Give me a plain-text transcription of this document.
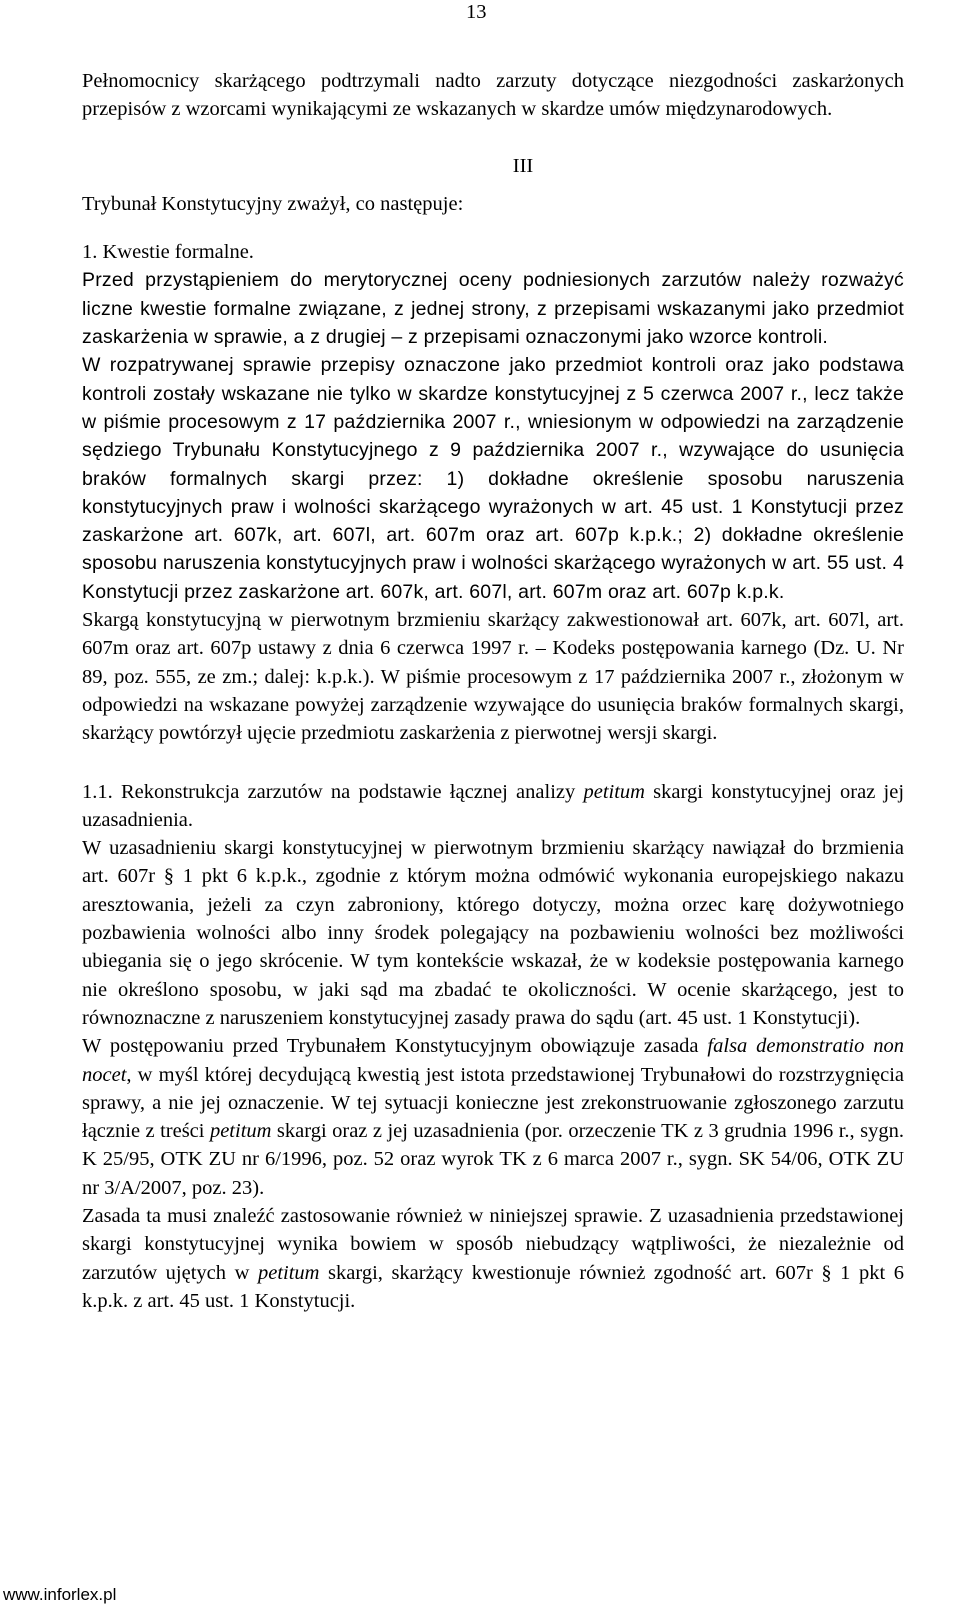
13

Pełnomocnicy skarżącego podtrzymali nadto zarzuty dotyczące niezgodności zaskarżonych przepisów z wzorcami wynikającymi ze wskazanych w skardze umów międzynarodowych.

III

Trybunał Konstytucyjny zważył, co następuje:

1. Kwestie formalne.

Przed przystąpieniem do merytorycznej oceny podniesionych zarzutów należy rozważyć liczne kwestie formalne związane, z jednej strony, z przepisami wskazanymi jako przedmiot zaskarżenia w sprawie, a z drugiej – z przepisami oznaczonymi jako wzorce kontroli.

W rozpatrywanej sprawie przepisy oznaczone jako przedmiot kontroli oraz jako podstawa kontroli zostały wskazane nie tylko w skardze konstytucyjnej z 5 czerwca 2007 r., lecz także w piśmie procesowym z 17 października 2007 r., wniesionym w odpowiedzi na zarządzenie sędziego Trybunału Konstytucyjnego z 9 października 2007 r., wzywające do usunięcia braków formalnych skargi przez: 1) dokładne określenie sposobu naruszenia konstytucyjnych praw i wolności skarżącego wyrażonych w art. 45 ust. 1 Konstytucji przez zaskarżone art. 607k, art. 607l, art. 607m oraz art. 607p k.p.k.; 2) dokładne określenie sposobu naruszenia konstytucyjnych praw i wolności skarżącego wyrażonych w art. 55 ust. 4 Konstytucji przez zaskarżone art. 607k, art. 607l, art. 607m oraz art. 607p k.p.k.

Skargą konstytucyjną w pierwotnym brzmieniu skarżący zakwestionował art. 607k, art. 607l, art. 607m oraz art. 607p ustawy z dnia 6 czerwca 1997 r. – Kodeks postępowania karnego (Dz. U. Nr 89, poz. 555, ze zm.; dalej: k.p.k.). W piśmie procesowym z 17 października 2007 r., złożonym w odpowiedzi na wskazane powyżej zarządzenie wzywające do usunięcia braków formalnych skargi, skarżący powtórzył ujęcie przedmiotu zaskarżenia z pierwotnej wersji skargi.

1.1. Rekonstrukcja zarzutów na podstawie łącznej analizy petitum skargi konstytucyjnej oraz jej uzasadnienia.

W uzasadnieniu skargi konstytucyjnej w pierwotnym brzmieniu skarżący nawiązał do brzmienia art. 607r § 1 pkt 6 k.p.k., zgodnie z którym można odmówić wykonania europejskiego nakazu aresztowania, jeżeli za czyn zabroniony, którego dotyczy, można orzec karę dożywotniego pozbawienia wolności albo inny środek polegający na pozbawieniu wolności bez możliwości ubiegania się o jego skrócenie. W tym kontekście wskazał, że w kodeksie postępowania karnego nie określono sposobu, w jaki sąd ma zbadać te okoliczności. W ocenie skarżącego, jest to równoznaczne z naruszeniem konstytucyjnej zasady prawa do sądu (art. 45 ust. 1 Konstytucji).

W postępowaniu przed Trybunałem Konstytucyjnym obowiązuje zasada falsa demonstratio non nocet, w myśl której decydującą kwestią jest istota przedstawionej Trybunałowi do rozstrzygnięcia sprawy, a nie jej oznaczenie. W tej sytuacji konieczne jest zrekonstruowanie zgłoszonego zarzutu łącznie z treści petitum skargi oraz z jej uzasadnienia (por. orzeczenie TK z 3 grudnia 1996 r., sygn. K 25/95, OTK ZU nr 6/1996, poz. 52 oraz wyrok TK z 6 marca 2007 r., sygn. SK 54/06, OTK ZU nr 3/A/2007, poz. 23).

Zasada ta musi znaleźć zastosowanie również w niniejszej sprawie. Z uzasadnienia przedstawionej skargi konstytucyjnej wynika bowiem w sposób niebudzący wątpliwości, że niezależnie od zarzutów ujętych w petitum skargi, skarżący kwestionuje również zgodność art. 607r § 1 pkt 6 k.p.k. z art. 45 ust. 1 Konstytucji.

www.inforlex.pl
